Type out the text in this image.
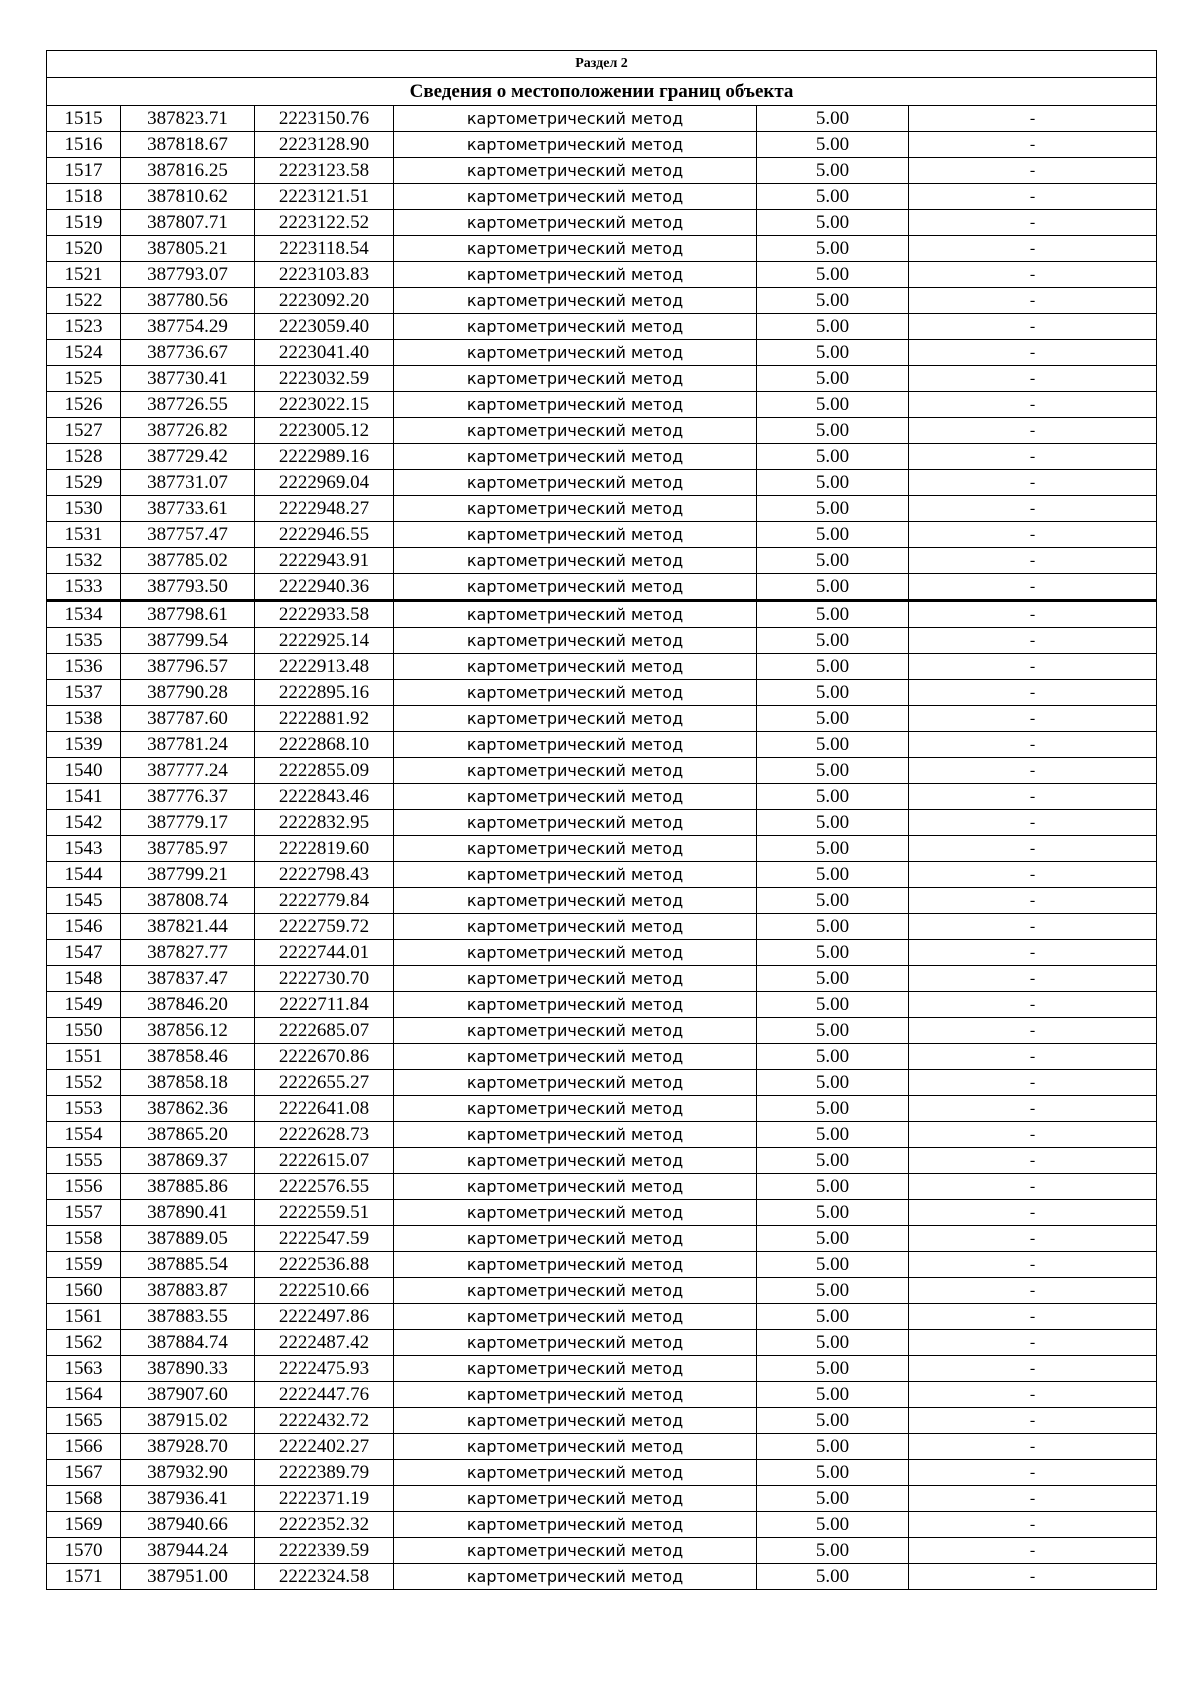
Раздел 2					
Сведения о местоположении границ объекта					
1515	387823.71	2223150.76	картометрический метод	5.00	-
1516	387818.67	2223128.90	картометрический метод	5.00	-
1517	387816.25	2223123.58	картометрический метод	5.00	-
1518	387810.62	2223121.51	картометрический метод	5.00	-
1519	387807.71	2223122.52	картометрический метод	5.00	-
1520	387805.21	2223118.54	картометрический метод	5.00	-
1521	387793.07	2223103.83	картометрический метод	5.00	-
1522	387780.56	2223092.20	картометрический метод	5.00	-
1523	387754.29	2223059.40	картометрический метод	5.00	-
1524	387736.67	2223041.40	картометрический метод	5.00	-
1525	387730.41	2223032.59	картометрический метод	5.00	-
1526	387726.55	2223022.15	картометрический метод	5.00	-
1527	387726.82	2223005.12	картометрический метод	5.00	-
1528	387729.42	2222989.16	картометрический метод	5.00	-
1529	387731.07	2222969.04	картометрический метод	5.00	-
1530	387733.61	2222948.27	картометрический метод	5.00	-
1531	387757.47	2222946.55	картометрический метод	5.00	-
1532	387785.02	2222943.91	картометрический метод	5.00	-
1533	387793.50	2222940.36	картометрический метод	5.00	-
1534	387798.61	2222933.58	картометрический метод	5.00	-
1535	387799.54	2222925.14	картометрический метод	5.00	-
1536	387796.57	2222913.48	картометрический метод	5.00	-
1537	387790.28	2222895.16	картометрический метод	5.00	-
1538	387787.60	2222881.92	картометрический метод	5.00	-
1539	387781.24	2222868.10	картометрический метод	5.00	-
1540	387777.24	2222855.09	картометрический метод	5.00	-
1541	387776.37	2222843.46	картометрический метод	5.00	-
1542	387779.17	2222832.95	картометрический метод	5.00	-
1543	387785.97	2222819.60	картометрический метод	5.00	-
1544	387799.21	2222798.43	картометрический метод	5.00	-
1545	387808.74	2222779.84	картометрический метод	5.00	-
1546	387821.44	2222759.72	картометрический метод	5.00	-
1547	387827.77	2222744.01	картометрический метод	5.00	-
1548	387837.47	2222730.70	картометрический метод	5.00	-
1549	387846.20	2222711.84	картометрический метод	5.00	-
1550	387856.12	2222685.07	картометрический метод	5.00	-
1551	387858.46	2222670.86	картометрический метод	5.00	-
1552	387858.18	2222655.27	картометрический метод	5.00	-
1553	387862.36	2222641.08	картометрический метод	5.00	-
1554	387865.20	2222628.73	картометрический метод	5.00	-
1555	387869.37	2222615.07	картометрический метод	5.00	-
1556	387885.86	2222576.55	картометрический метод	5.00	-
1557	387890.41	2222559.51	картометрический метод	5.00	-
1558	387889.05	2222547.59	картометрический метод	5.00	-
1559	387885.54	2222536.88	картометрический метод	5.00	-
1560	387883.87	2222510.66	картометрический метод	5.00	-
1561	387883.55	2222497.86	картометрический метод	5.00	-
1562	387884.74	2222487.42	картометрический метод	5.00	-
1563	387890.33	2222475.93	картометрический метод	5.00	-
1564	387907.60	2222447.76	картометрический метод	5.00	-
1565	387915.02	2222432.72	картометрический метод	5.00	-
1566	387928.70	2222402.27	картометрический метод	5.00	-
1567	387932.90	2222389.79	картометрический метод	5.00	-
1568	387936.41	2222371.19	картометрический метод	5.00	-
1569	387940.66	2222352.32	картометрический метод	5.00	-
1570	387944.24	2222339.59	картометрический метод	5.00	-
1571	387951.00	2222324.58	картометрический метод	5.00	-
